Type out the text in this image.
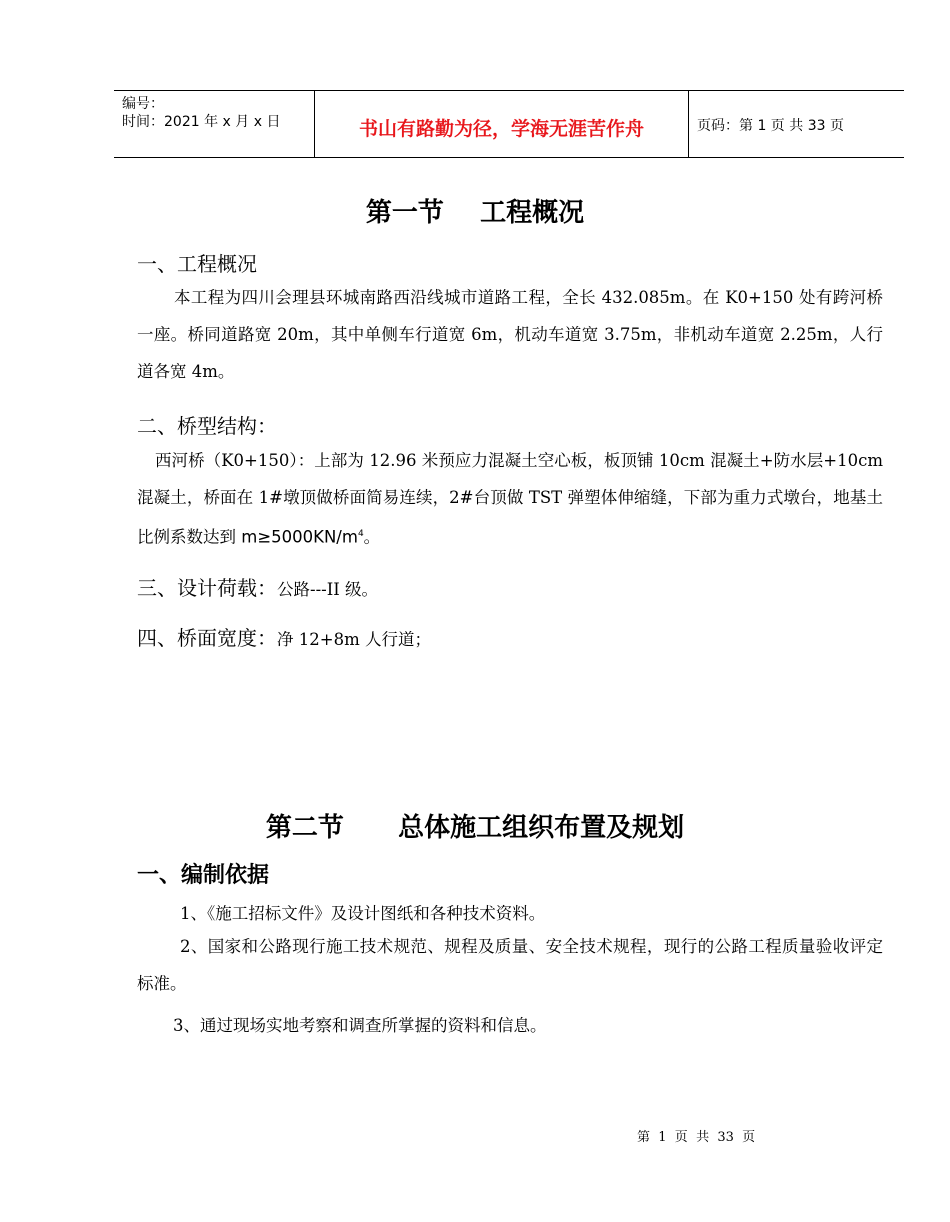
编号：
时间：2021 年 x 月 x 日	书山有路勤为径，学海无涯苦作舟	页码：第 1 页 共 33 页
第一节    工程概况
一、工程概况
本工程为四川会理县环城南路西沿线城市道路工程，全长 432.085m。在 K0+150 处有跨河桥一座。桥同道路宽 20m，其中单侧车行道宽 6m，机动车道宽 3.75m，非机动车道宽 2.25m，人行道各宽 4m。
二、桥型结构：
西河桥（K0+150）：上部为 12.96 米预应力混凝土空心板，板顶铺 10cm 混凝土+防水层+10cm 混凝土，桥面在 1#墩顶做桥面简易连续，2#台顶做 TST 弹塑体伸缩缝，下部为重力式墩台，地基土比例系数达到 $m\ge 5000KN/m^4$。
三、设计荷载：公路---II 级。
四、桥面宽度：净 12+8m 人行道；
第二节      总体施工组织布置及规划
一、编制依据
1、《施工招标文件》及设计图纸和各种技术资料。
2、国家和公路现行施工技术规范、规程及质量、安全技术规程，现行的公路工程质量验收评定标准。
3、通过现场实地考察和调查所掌握的资料和信息。
第  1  页  共  33  页
